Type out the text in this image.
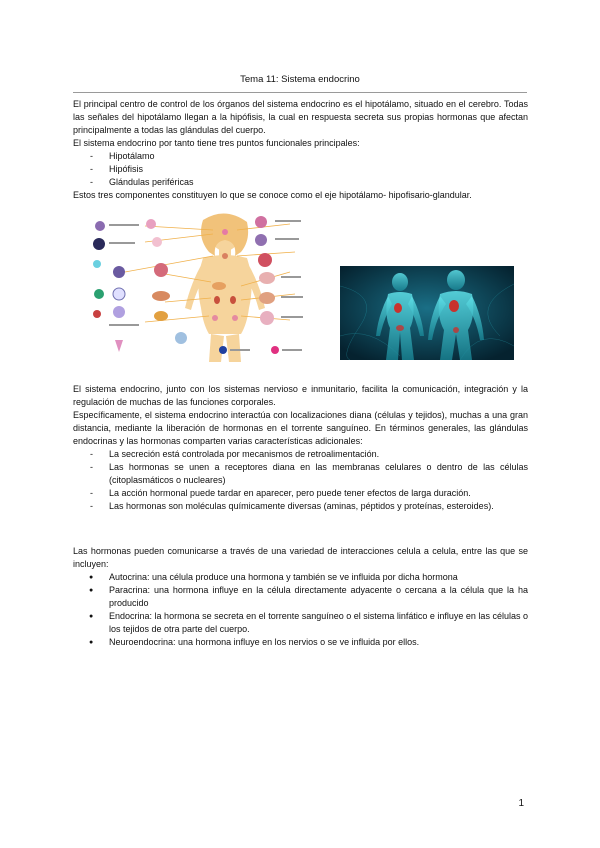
Tema 11: Sistema endocrino

El principal centro de control de los órganos del sistema endocrino es el hipotálamo, situado en el cerebro. Todas las señales del hipotálamo llegan a la hipófisis, la cual en respuesta secreta sus propias hormonas que afectan principalmente a todas las glándulas del cuerpo.

El sistema endocrino por tanto tiene tres puntos funcionales principales:

- Hipotálamo
- Hipófisis
- Glándulas periféricas

Estos tres componentes constituyen lo que se conoce como el eje hipotálamo- hipofisario-glandular.

El sistema endocrino, junto con los sistemas nervioso e inmunitario, facilita la comunicación, integración y la regulación de muchas de las funciones corporales.

Específicamente, el sistema endocrino interactúa con localizaciones diana (células y tejidos), muchas a una gran distancia, mediante la liberación de hormonas en el torrente sanguíneo. En términos generales, las glándulas endocrinas y las hormonas comparten varias características adicionales:

- La secreción está controlada por mecanismos de retroalimentación.
- Las hormonas se unen a receptores diana en las membranas celulares o dentro de las células (citoplasmáticos o nucleares)
- La acción hormonal puede tardar en aparecer, pero puede tener efectos de larga duración.
- Las hormonas son moléculas químicamente diversas (aminas, péptidos y proteínas, esteroides).

Las hormonas pueden comunicarse a través de una variedad de interacciones celula a celula, entre las que se incluyen:

● Autocrina: una célula produce una hormona y también se ve influida por dicha hormona
● Paracrina: una hormona influye en la célula directamente adyacente o cercana a la célula que la ha producido
● Endocrina: la hormona se secreta en el torrente sanguíneo o el sistema linfático e influye en las células o los tejidos de otra parte del cuerpo.
● Neuroendocrina: una hormona influye en los nervios o se ve influida por ellos.
1
